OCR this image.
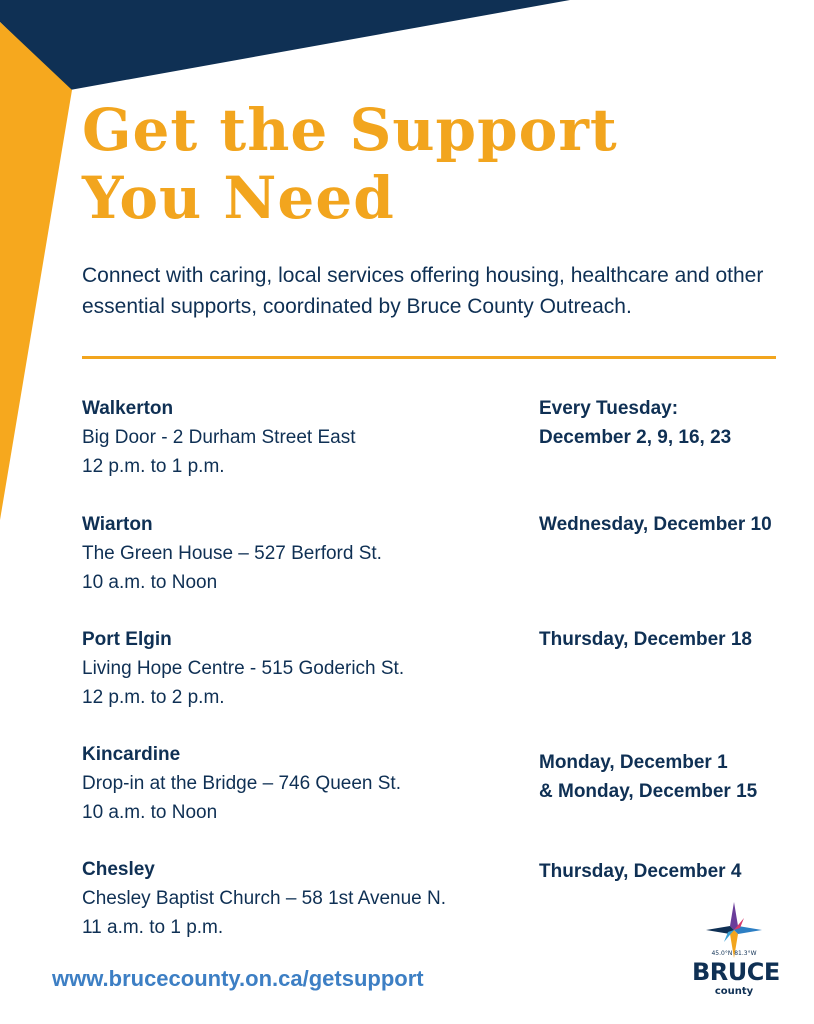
Get the Support
You Need

Connect with caring, local services offering housing, healthcare and other essential supports, coordinated by Bruce County Outreach.

Walkerton
Big Door - 2 Durham Street East
12 p.m. to 1 p.m.
Every Tuesday:
December 2, 9, 16, 23
Wiarton
The Green House – 527 Berford St.
10 a.m. to Noon
Wednesday, December 10
Port Elgin
Living Hope Centre - 515 Goderich St.
12 p.m. to 2 p.m.
Thursday, December 18
Kincardine
Drop-in at the Bridge – 746 Queen St.
10 a.m. to Noon
Monday, December 1
& Monday, December 15
Chesley
Chesley Baptist Church – 58 1st Avenue N.
11 a.m. to 1 p.m.
Thursday, December 4
www.brucecounty.on.ca/getsupport
45.0°N 81.3°W
BRUCE
county
